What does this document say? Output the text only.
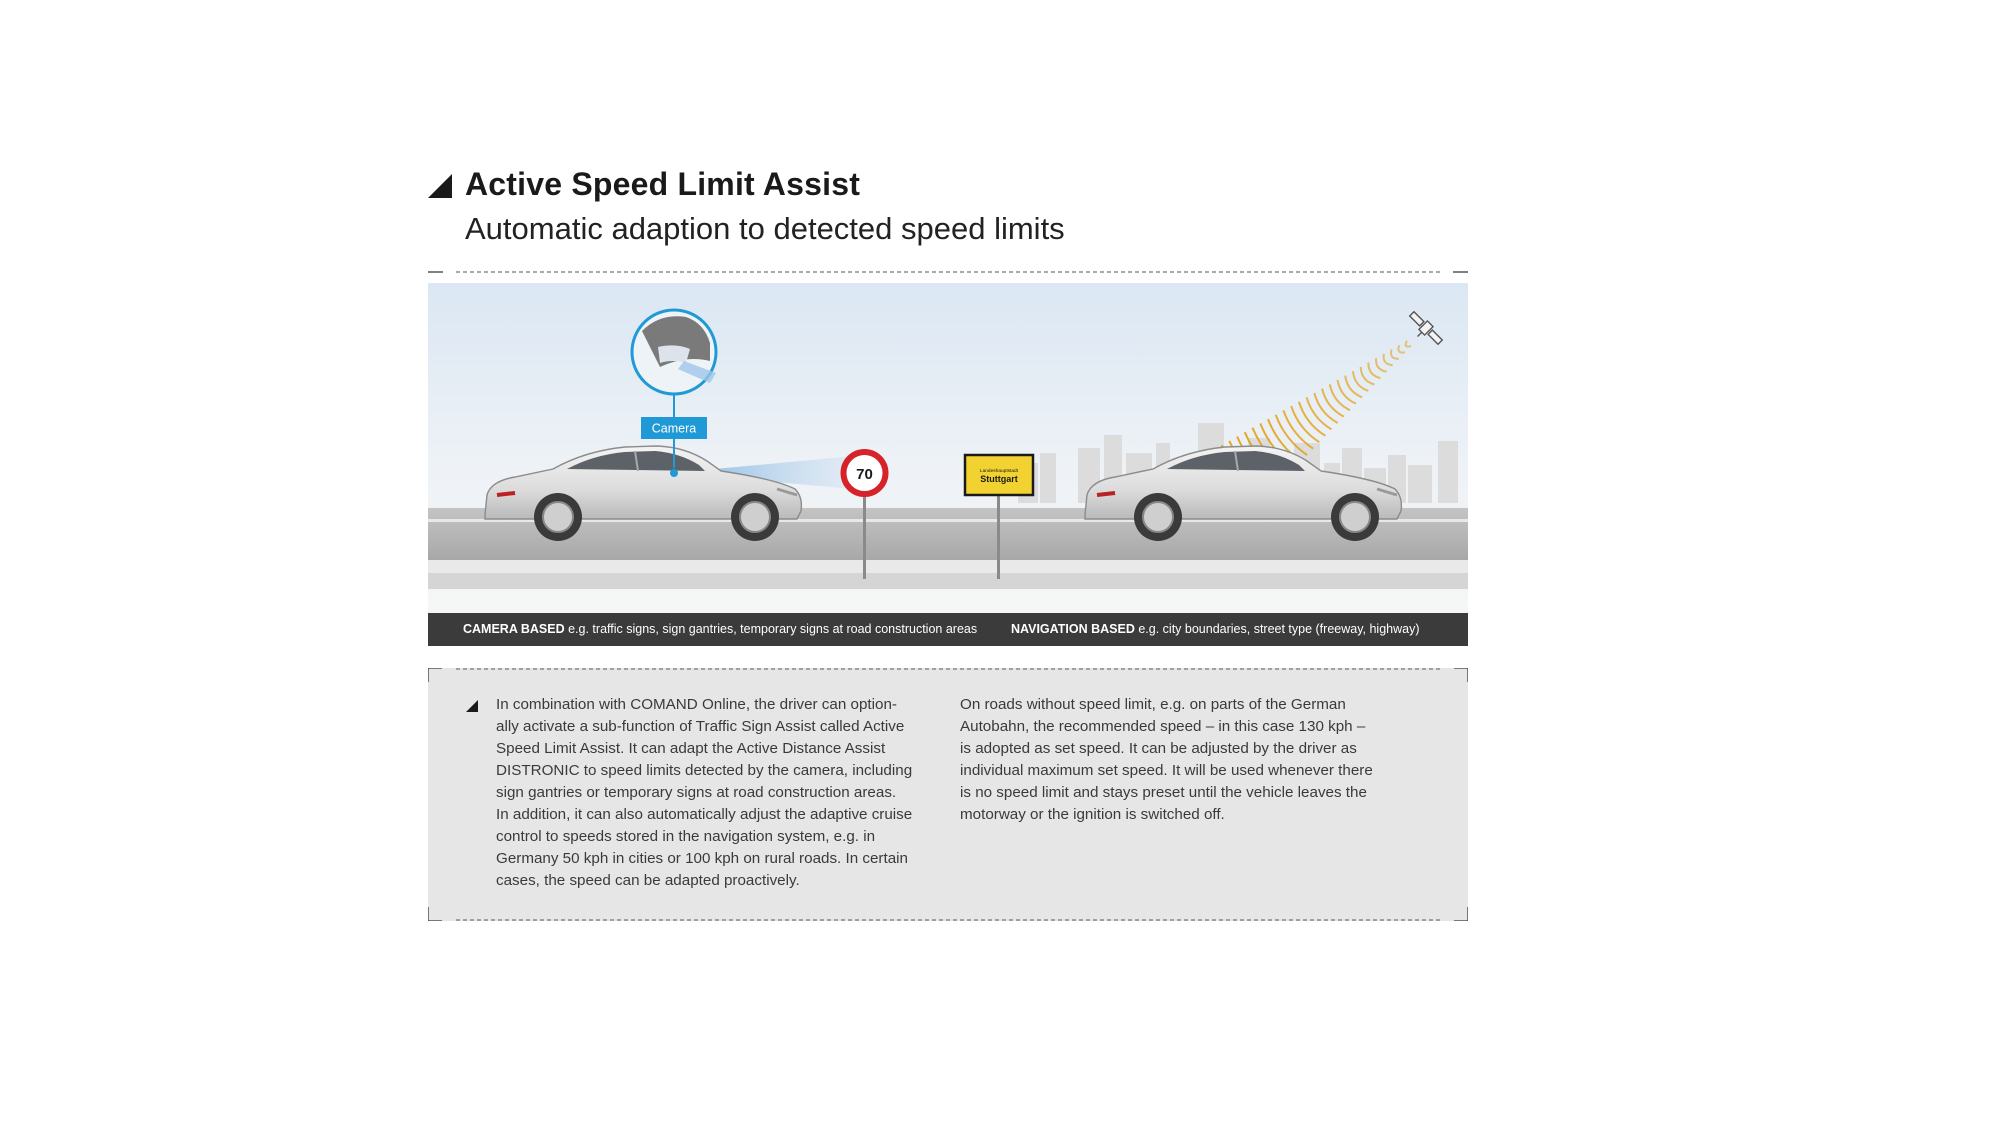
Active Speed Limit Assist
Automatic adaption to detected speed limits
Camera
70	Landeshauptstadt
Stuttgart
CAMERA BASED e.g. traffic signs, sign gantries, temporary signs at road construction areas	NAVIGATION BASED e.g. city boundaries, street type (freeway, highway)

In combination with COMAND Online, the driver can option-
ally activate a sub-function of Traffic Sign Assist called Active
Speed Limit Assist. It can adapt the Active Distance Assist
DISTRONIC to speed limits detected by the camera, including
sign gantries or temporary signs at road construction areas.
In addition, it can also automatically adjust the adaptive cruise
control to speeds stored in the navigation system, e.g. in
Germany 50 kph in cities or 100 kph on rural roads. In certain
cases, the speed can be adapted proactively.

On roads without speed limit, e.g. on parts of the German
Autobahn, the recommended speed – in this case 130 kph –
is adopted as set speed. It can be adjusted by the driver as
individual maximum set speed. It will be used whenever there
is no speed limit and stays preset until the vehicle leaves the
motorway or the ignition is switched off.
